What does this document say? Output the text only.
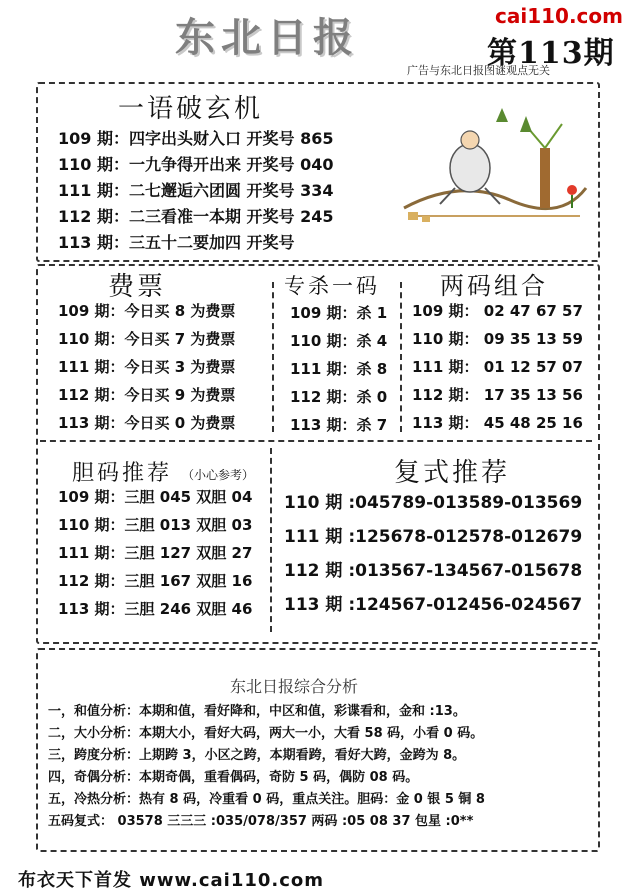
东北日报	cai110.com
第113期
广告与东北日报图谜观点无关
一语破玄机
109 期：四字出头财入口 开奖号 865
110 期：一九争得开出来 开奖号 040
111 期：二七邂逅六团圆 开奖号 334
112 期：二三看准一本期 开奖号 245
113 期：三五十二要加四 开奖号
费票
109 期：今日买 8 为费票
110 期：今日买 7 为费票
111 期：今日买 3 为费票
112 期：今日买 9 为费票
113 期：今日买 0 为费票
专杀一码
109 期：杀 1
110 期：杀 4
111 期：杀 8
112 期：杀 0
113 期：杀 7
两码组合
109 期： 02 47 67 57
110 期： 09 35 13 59
111 期： 01 12 57 07
112 期： 17 35 13 56
113 期： 45 48 25 16
胆码推荐 （小心参考）
109 期：三胆 045 双胆 04
110 期：三胆 013 双胆 03
111 期：三胆 127 双胆 27
112 期：三胆 167 双胆 16
113 期：三胆 246 双胆 46
复式推荐
110 期 :045789-013589-013569
111 期 :125678-012578-012679
112 期 :013567-134567-015678
113 期 :124567-012456-024567
东北日报综合分析
一，和值分析：本期和值，看好降和，中区和值，彩谍看和，金和 :13。
二，大小分析：本期大小，看好大码，两大一小，大看 58 码，小看 0 码。
三，跨度分析：上期跨 3，小区之跨，本期看跨，看好大跨，金跨为 8。
四，奇偶分析：本期奇偶，重看偶码，奇防 5 码，偶防 08 码。
五，冷热分析：热有 8 码，冷重看 0 码，重点关注。胆码：金 0 银 5 铜 8
五码复式： 03578 三三三 :035/078/357 两码 :05 08 37 包星 :0**
布衣天下首发 www.cai110.com
